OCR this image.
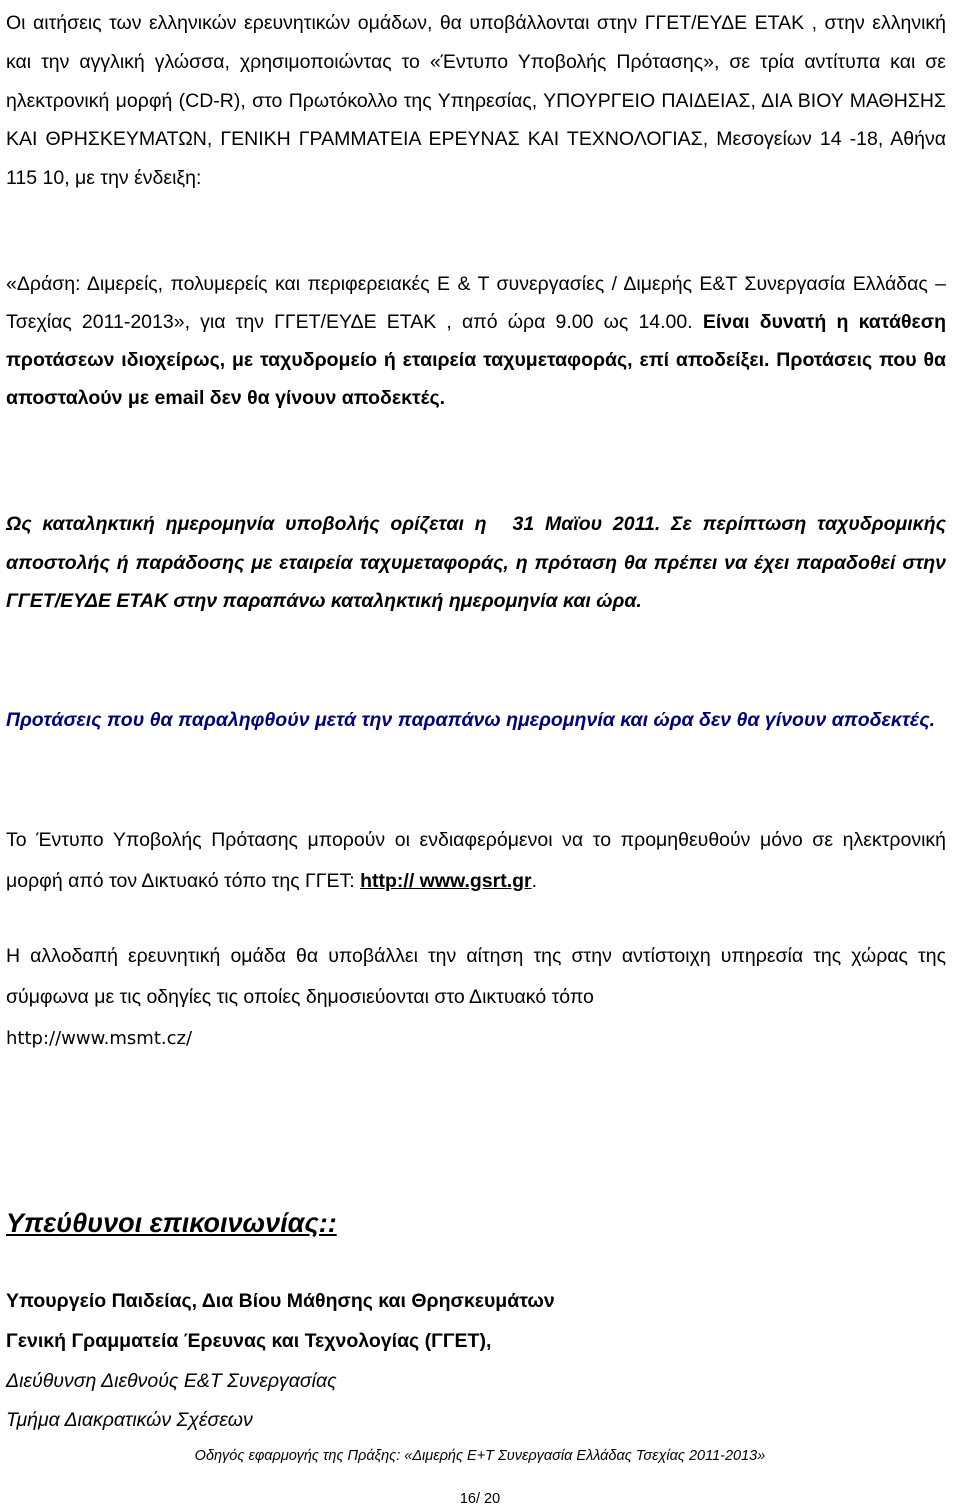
Οι αιτήσεις των ελληνικών ερευνητικών ομάδων, θα υποβάλλονται στην ΓΓΕΤ/ΕΥΔΕ ΕΤΑΚ , στην ελληνική και την αγγλική γλώσσα, χρησιμοποιώντας το «Έντυπο Υποβολής Πρότασης», σε τρία αντίτυπα και σε ηλεκτρονική μορφή (CD-R), στο Πρωτόκολλο της Υπηρεσίας, ΥΠΟΥΡΓΕΙΟ ΠΑΙΔΕΙΑΣ, ΔΙΑ ΒΙΟΥ ΜΑΘΗΣΗΣ ΚΑΙ ΘΡΗΣΚΕΥΜΑΤΩΝ, ΓΕΝΙΚΗ ΓΡΑΜΜΑΤΕΙΑ ΕΡΕΥΝΑΣ ΚΑΙ ΤΕΧΝΟΛΟΓΙΑΣ, Μεσογείων 14 -18, Αθήνα 115 10, με την ένδειξη:

«Δράση: Διμερείς, πολυμερείς και περιφερειακές Ε & Τ συνεργασίες / Διμερής Ε&Τ Συνεργασία Ελλάδας – Τσεχίας 2011-2013», για την ΓΓΕΤ/ΕΥΔΕ ΕΤΑΚ , από ώρα 9.00 ως 14.00. Είναι δυνατή η κατάθεση προτάσεων ιδιοχείρως, με ταχυδρομείο ή εταιρεία ταχυμεταφοράς, επί αποδείξει. Προτάσεις που θα αποσταλούν με email δεν θα γίνουν αποδεκτές.

Ως καταληκτική ημερομηνία υποβολής ορίζεται η 31 Μαϊου 2011. Σε περίπτωση ταχυδρομικής αποστολής ή παράδοσης με εταιρεία ταχυμεταφοράς, η πρόταση θα πρέπει να έχει παραδοθεί στην ΓΓΕΤ/ΕΥΔΕ ΕΤΑΚ στην παραπάνω καταληκτική ημερομηνία και ώρα.

Προτάσεις που θα παραληφθούν μετά την παραπάνω ημερομηνία και ώρα δεν θα γίνουν αποδεκτές.

Το Έντυπο Υποβολής Πρότασης μπορούν οι ενδιαφερόμενοι να το προμηθευθούν μόνο σε ηλεκτρονική μορφή από τον Δικτυακό τόπο της ΓΓΕΤ: http:// www.gsrt.gr.

Η αλλοδαπή ερευνητική ομάδα θα υποβάλλει την αίτηση της στην αντίστοιχη υπηρεσία της χώρας της σύμφωνα με τις οδηγίες τις οποίες δημοσιεύονται στο Δικτυακό τόπο
http://www.msmt.cz/

Υπεύθυνοι επικοινωνίας::

Υπουργείο Παιδείας, Δια Βίου Μάθησης και Θρησκευμάτων

Γενική Γραμματεία Έρευνας και Τεχνολογίας (ΓΓΕΤ),

Διεύθυνση Διεθνούς Ε&Τ Συνεργασίας

Τμήμα Διακρατικών Σχέσεων

Οδηγός εφαρμογής της Πράξης: «Διμερής Ε+Τ Συνεργασία Ελλάδας Τσεχίας 2011-2013»
16/ 20
